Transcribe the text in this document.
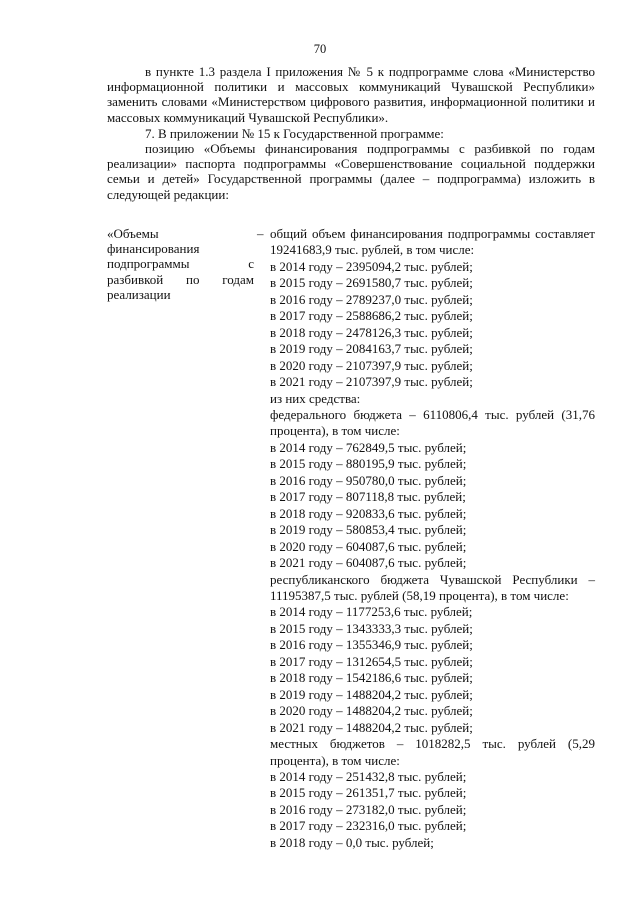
70

в пункте 1.3 раздела I приложения № 5 к подпрограмме слова «Министерство информационной политики и массовых коммуникаций Чувашской Республики» заменить словами «Министерством цифрового развития, информационной политики и массовых коммуникаций Чувашской Республики».

7. В приложении № 15 к Государственной программе:

позицию «Объемы финансирования подпрограммы с разбивкой по годам реализации» паспорта подпрограммы «Совершенствование социальной поддержки семьи и детей» Государственной программы (далее – подпрограмма) изложить в следующей редакции:

«Объемы финансирования подпрограммы с разбивкой по годам реализации
– общий объем финансирования подпрограммы составляет 19241683,9 тыс. рублей, в том числе:
в 2014 году – 2395094,2 тыс. рублей;
в 2015 году – 2691580,7 тыс. рублей;
в 2016 году – 2789237,0 тыс. рублей;
в 2017 году – 2588686,2 тыс. рублей;
в 2018 году – 2478126,3 тыс. рублей;
в 2019 году – 2084163,7 тыс. рублей;
в 2020 году – 2107397,9 тыс. рублей;
в 2021 году – 2107397,9 тыс. рублей;
из них средства:
федерального бюджета – 6110806,4 тыс. рублей (31,76 процента), в том числе:
в 2014 году – 762849,5 тыс. рублей;
в 2015 году – 880195,9 тыс. рублей;
в 2016 году – 950780,0 тыс. рублей;
в 2017 году – 807118,8 тыс. рублей;
в 2018 году – 920833,6 тыс. рублей;
в 2019 году – 580853,4 тыс. рублей;
в 2020 году – 604087,6 тыс. рублей;
в 2021 году – 604087,6 тыс. рублей;
республиканского бюджета Чувашской Республики – 11195387,5 тыс. рублей (58,19 процента), в том числе:
в 2014 году – 1177253,6 тыс. рублей;
в 2015 году – 1343333,3 тыс. рублей;
в 2016 году – 1355346,9 тыс. рублей;
в 2017 году – 1312654,5 тыс. рублей;
в 2018 году – 1542186,6 тыс. рублей;
в 2019 году – 1488204,2 тыс. рублей;
в 2020 году – 1488204,2 тыс. рублей;
в 2021 году – 1488204,2 тыс. рублей;
местных бюджетов – 1018282,5 тыс. рублей (5,29 процента), в том числе:
в 2014 году – 251432,8 тыс. рублей;
в 2015 году – 261351,7 тыс. рублей;
в 2016 году – 273182,0 тыс. рублей;
в 2017 году – 232316,0 тыс. рублей;
в 2018 году – 0,0 тыс. рублей;
